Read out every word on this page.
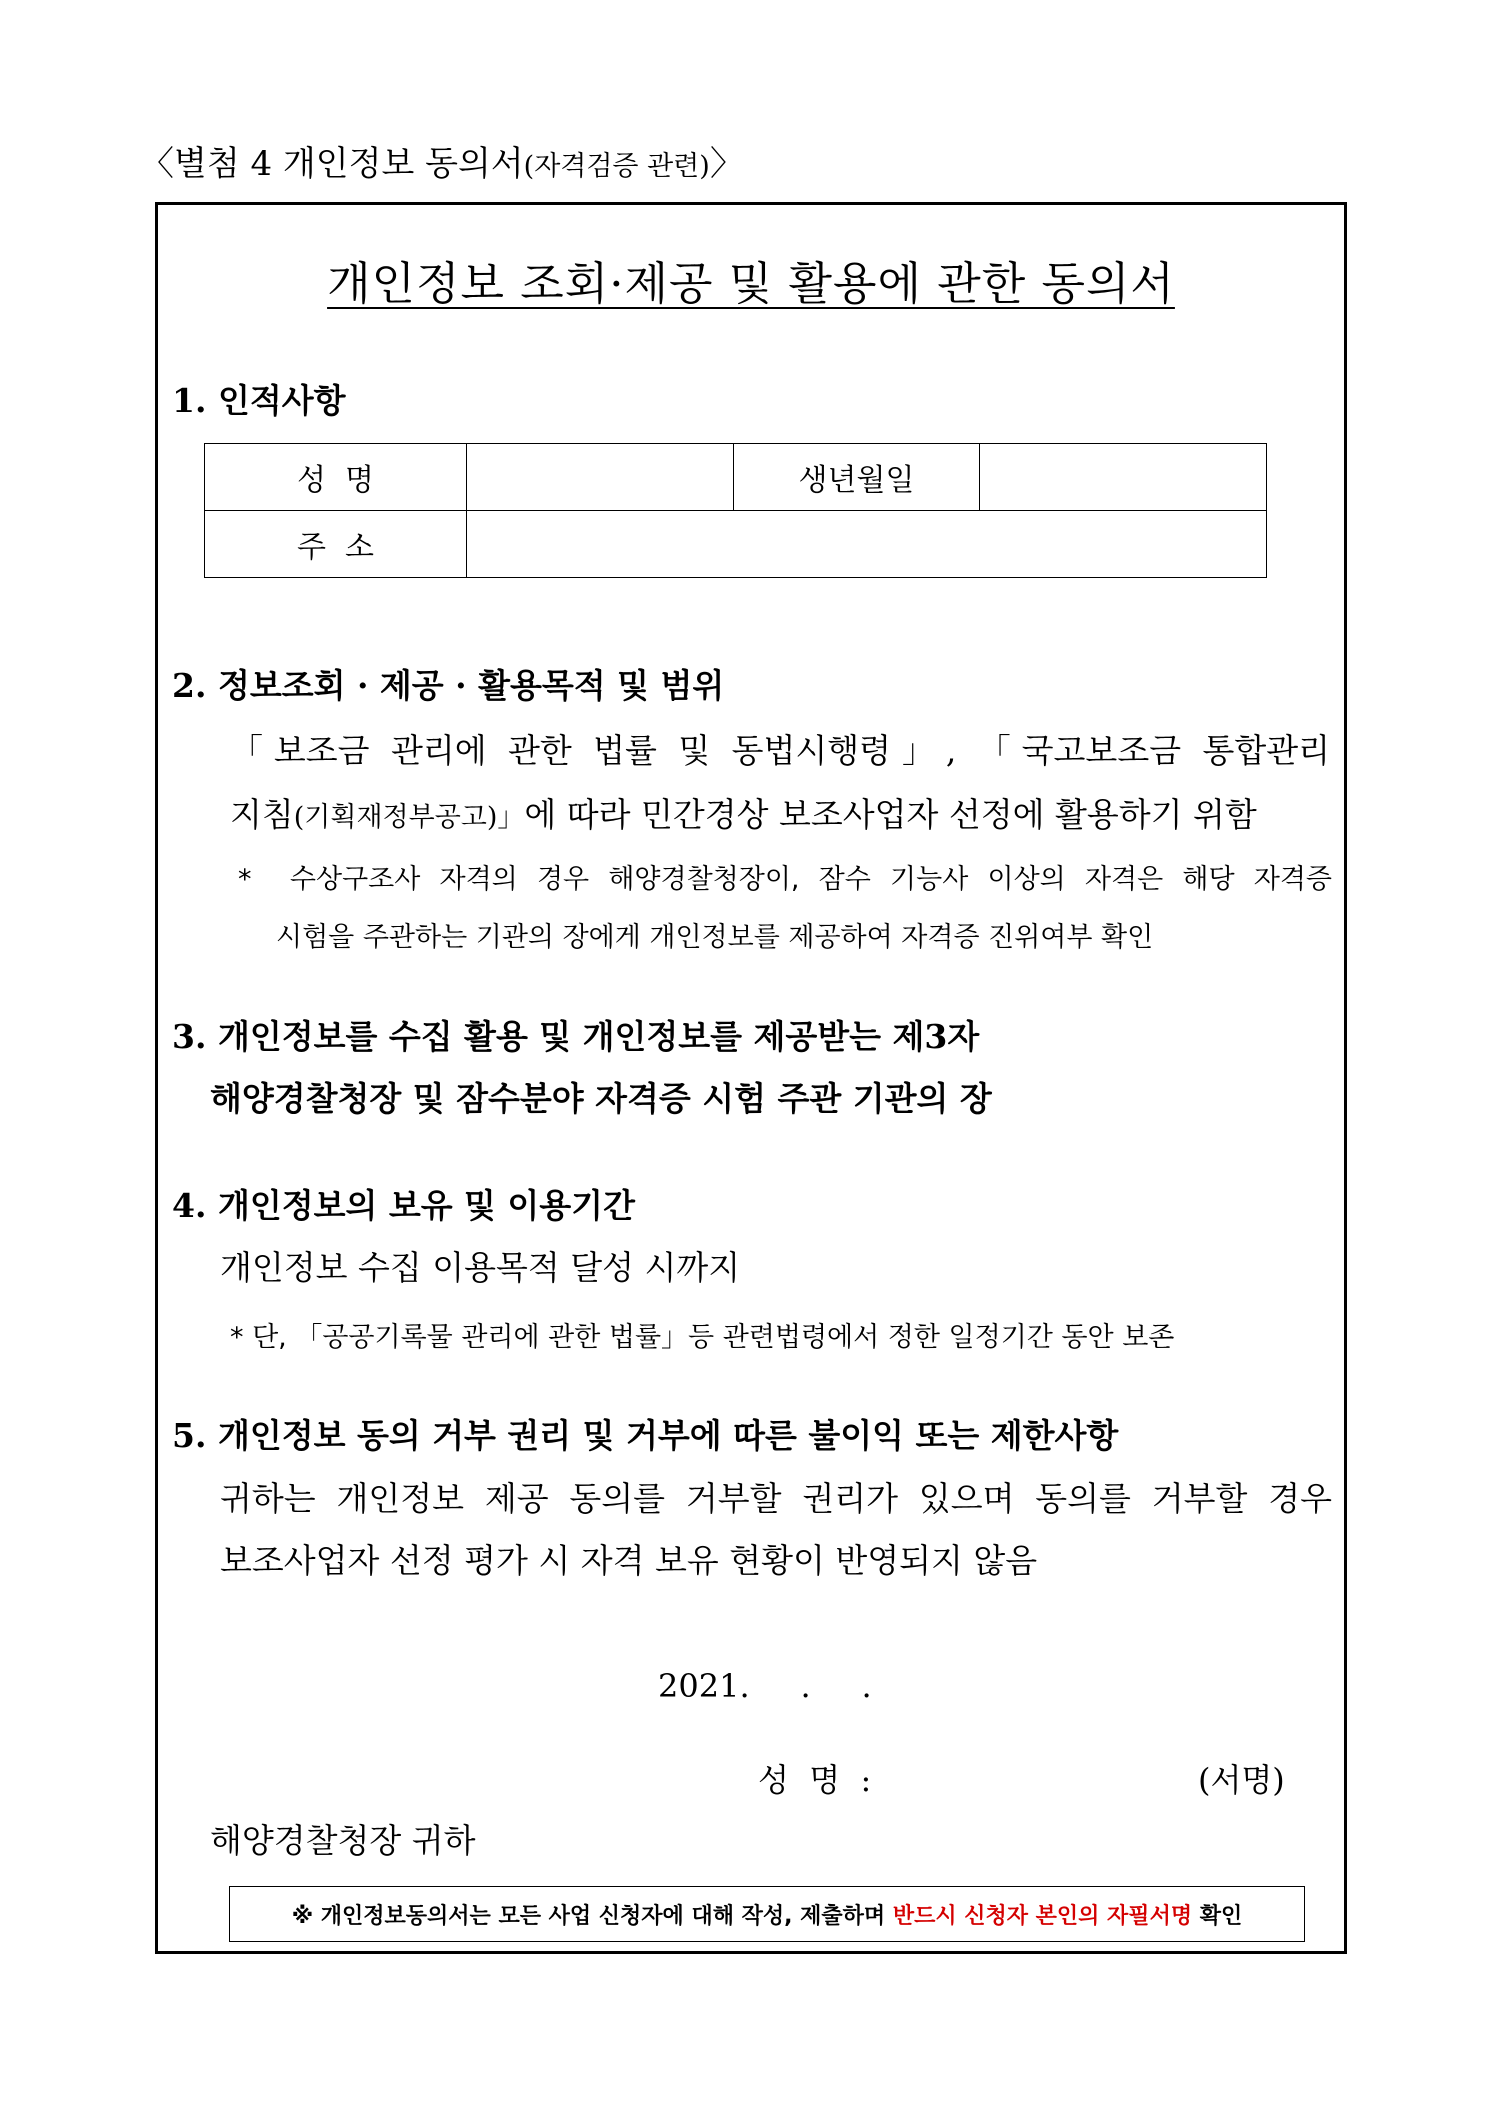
〈별첨 4 개인정보 동의서(자격검증 관련)〉
개인정보 조회·제공 및 활용에 관한 동의서
1. 인적사항
성  명		생년월일	
주  소			
2. 정보조회 · 제공 · 활용목적 및 범위
「보조금 관리에 관한 법률 및 동법시행령」, 「국고보조금 통합관리
지침(기획재정부공고)」에 따라 민간경상 보조사업자 선정에 활용하기 위함
*  수상구조사 자격의 경우 해양경찰청장이, 잠수 기능사 이상의 자격은 해당 자격증
시험을 주관하는 기관의 장에게 개인정보를 제공하여 자격증 진위여부 확인
3. 개인정보를 수집 활용 및 개인정보를 제공받는 제3자
해양경찰청장 및 잠수분야 자격증 시험 주관 기관의 장
4. 개인정보의 보유 및 이용기간
개인정보 수집 이용목적 달성 시까지
* 단, 「공공기록물 관리에 관한 법률」등 관련법령에서 정한 일정기간 동안 보존
5. 개인정보 동의 거부 권리 및 거부에 따른 불이익 또는 제한사항
귀하는 개인정보 제공 동의를 거부할 권리가 있으며 동의를 거부할 경우
보조사업자 선정 평가 시 자격 보유 현황이 반영되지 않음
2021.     .     .
성  명  :	(서명)
해양경찰청장 귀하
※ 개인정보동의서는 모든 사업 신청자에 대해 작성, 제출하며 반드시 신청자 본인의 자필서명 확인
